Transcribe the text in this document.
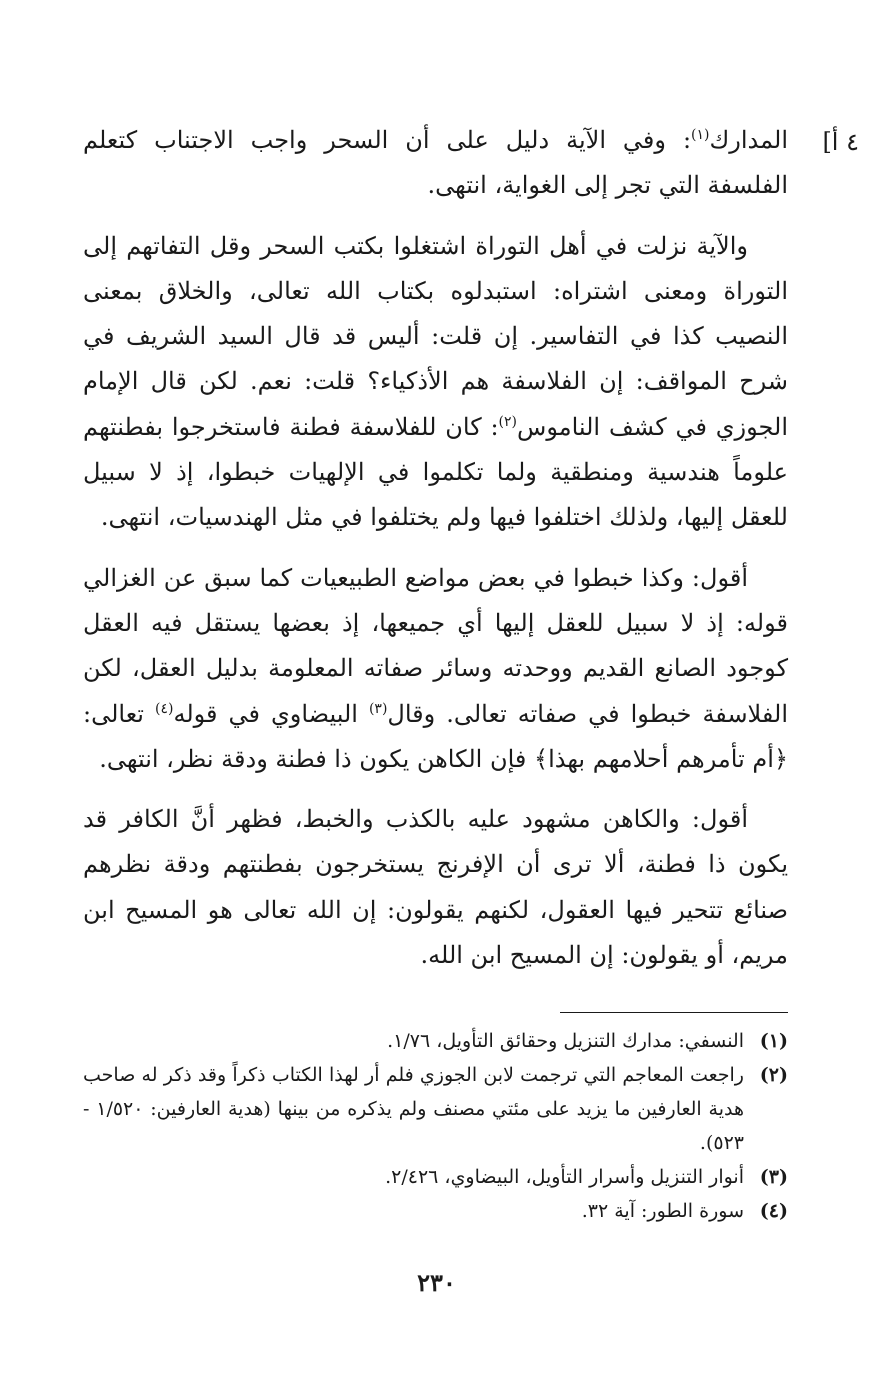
٤ أ]

المدارك$^{(١)}$: وفي الآية دليل على أن السحر واجب الاجتناب كتعلم الفلسفة التي تجر إلى الغواية، انتهى.

والآية نزلت في أهل التوراة اشتغلوا بكتب السحر وقل التفاتهم إلى التوراة ومعنى اشتراه: استبدلوه بكتاب الله تعالى، والخلاق بمعنى النصيب كذا في التفاسير. إن قلت: أليس قد قال السيد الشريف في شرح المواقف: إن الفلاسفة هم الأذكياء؟ قلت: نعم. لكن قال الإمام الجوزي في كشف الناموس$^{(٢)}$: كان للفلاسفة فطنة فاستخرجوا بفطنتهم علوماً هندسية ومنطقية ولما تكلموا في الإلهيات خبطوا، إذ لا سبيل للعقل إليها، ولذلك اختلفوا فيها ولم يختلفوا في مثل الهندسيات، انتهى.

أقول: وكذا خبطوا في بعض مواضع الطبيعيات كما سبق عن الغزالي قوله: إذ لا سبيل للعقل إليها أي جميعها، إذ بعضها يستقل فيه العقل كوجود الصانع القديم ووحدته وسائر صفاته المعلومة بدليل العقل، لكن الفلاسفة خبطوا في صفاته تعالى. وقال$^{(٣)}$ البيضاوي في قوله$^{(٤)}$ تعالى: ﴿أم تأمرهم أحلامهم بهذا﴾ فإن الكاهن يكون ذا فطنة ودقة نظر، انتهى.

أقول: والكاهن مشهود عليه بالكذب والخبط، فظهر أنَّ الكافر قد يكون ذا فطنة، ألا ترى أن الإفرنج يستخرجون بفطنتهم ودقة نظرهم صنائع تتحير فيها العقول، لكنهم يقولون: إن الله تعالى هو المسيح ابن مريم، أو يقولون: إن المسيح ابن الله.

(١)
النسفي: مدارك التنزيل وحقائق التأويل، ١/٧٦.

(٢)
راجعت المعاجم التي ترجمت لابن الجوزي فلم أر لهذا الكتاب ذكراً وقد ذكر له صاحب هدية العارفين ما يزيد على مئتي مصنف ولم يذكره من بينها (هدية العارفين: ١/٥٢٠ - ٥٢٣).

(٣)
أنوار التنزيل وأسرار التأويل، البيضاوي، ٢/٤٢٦.

(٤)
سورة الطور: آية ٣٢.

٢٣٠
